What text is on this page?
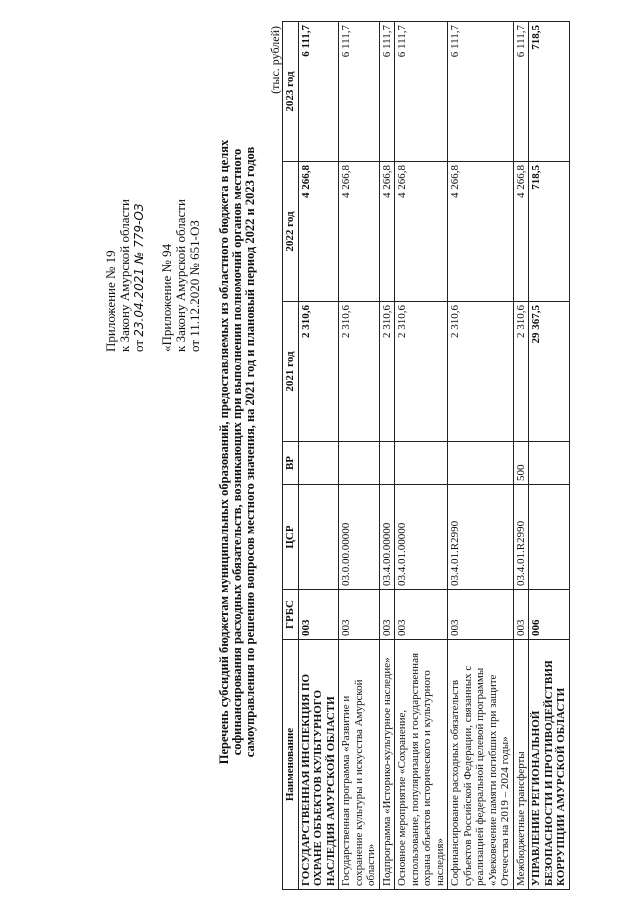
Приложение № 19 к Закону Амурской области от 23.04.2021 № 779-ОЗ «Приложение № 94 к Закону Амурской области от 11.12.2020 № 651-ОЗ Перечень субсидий бюджетам муниципальных образований, предоставляемых из областного бюджета в целях софинансирования расходных обязательств, возникающих при выполнении полномочий органов местного самоуправления по решению вопросов местного значения, на 2021 год и плановый период 2022 и 2023 годов
(тыс. рублей)
Наименование	ГРБС	ЦСР	ВР	2021 год	2022 год	2023 год
ГОСУДАРСТВЕННАЯ ИНСПЕКЦИЯ ПО ОХРАНЕ ОБЪЕКТОВ КУЛЬТУРНОГО НАСЛЕДИЯ АМУРСКОЙ ОБЛАСТИ	003			2 310,6	4 266,8	6 111,7
Государственная программа «Развитие и сохранение культуры и искусства Амурской области»	003	03.0.00.00000		2 310,6	4 266,8	6 111,7
Подпрограмма «Историко-культурное наследие»	003	03.4.00.00000		2 310,6	4 266,8	6 111,7
Основное мероприятие «Сохранение, использование, популяризация и государственная охрана объектов исторического и культурного наследия»	003	03.4.01.00000		2 310,6	4 266,8	6 111,7
Софинансирование расходных обязательств субъектов Российской Федерации, связанных с реализацией федеральной целевой программы «Увековечение памяти погибших при защите Отечества на 2019 – 2024 годы»	003	03.4.01.R2990		2 310,6	4 266,8	6 111,7
Межбюджетные трансферты	003	03.4.01.R2990	500	2 310,6	4 266,8	6 111,7
УПРАВЛЕНИЕ РЕГИОНАЛЬНОЙ БЕЗОПАСНОСТИ И ПРОТИВОДЕЙСТВИЯ КОРРУПЦИИ АМУРСКОЙ ОБЛАСТИ	006			29 367,5	718,5	718,5
